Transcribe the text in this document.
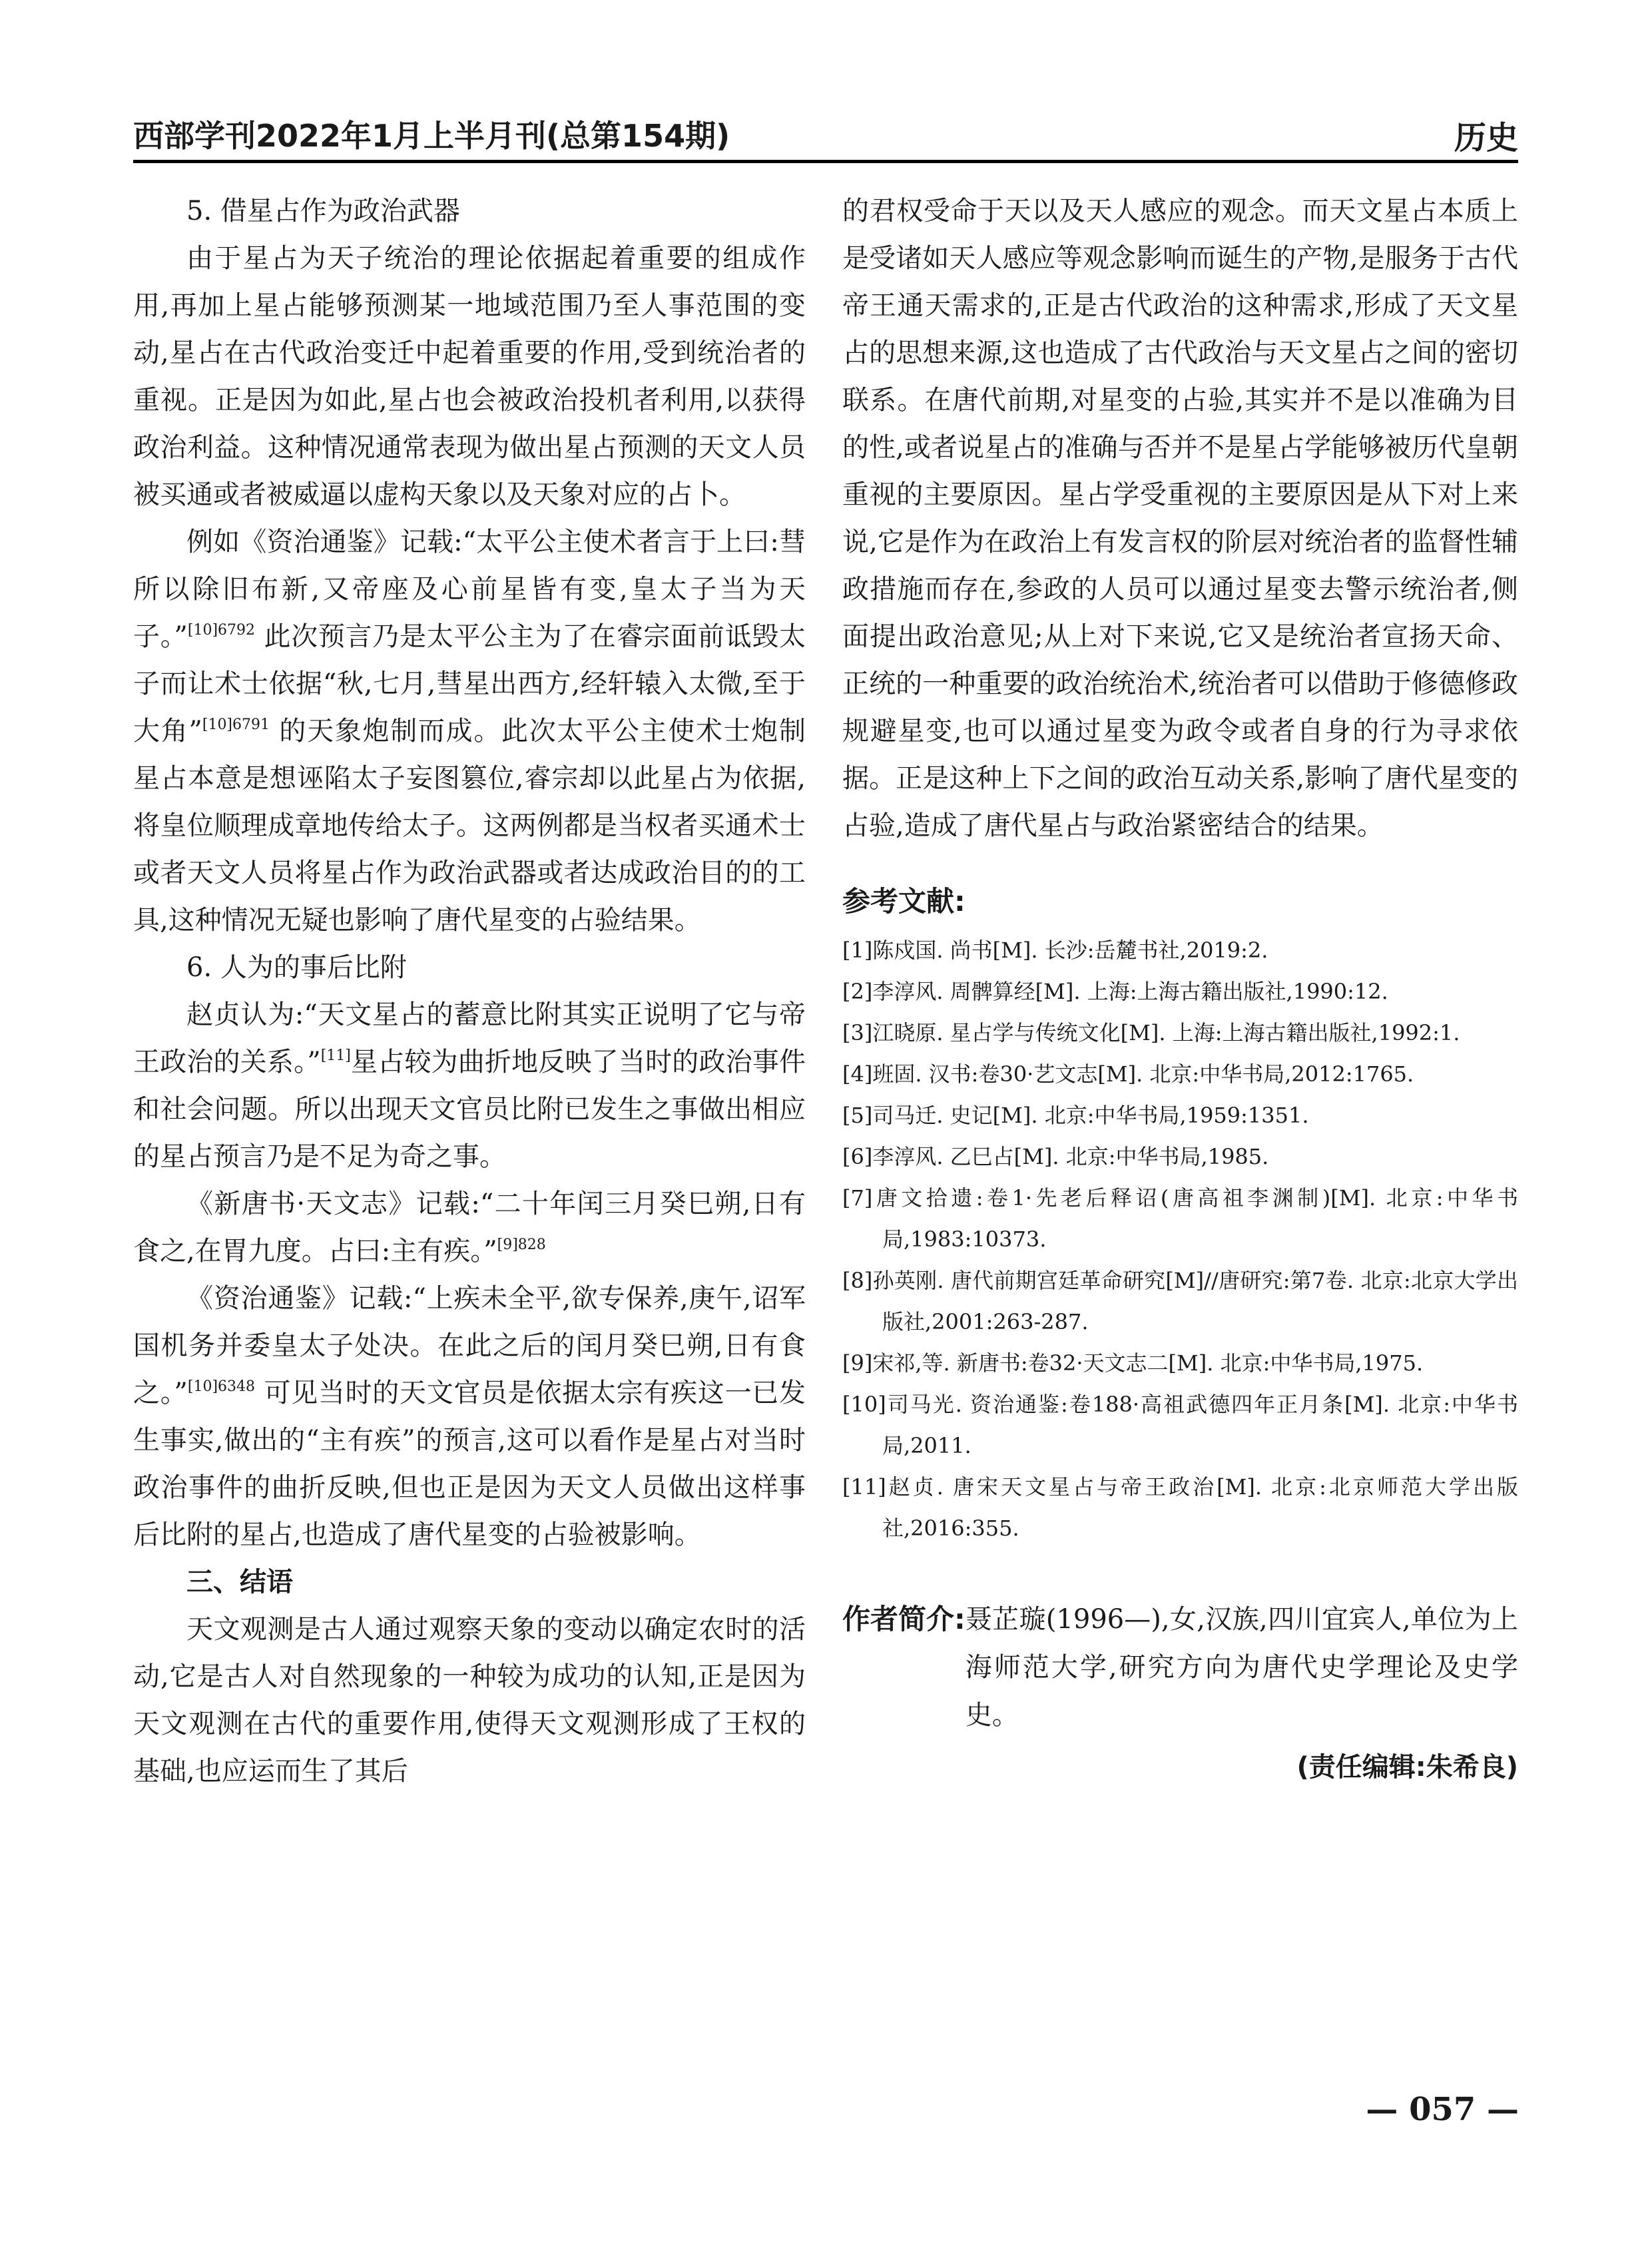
西部学刊2022年1月上半月刊(总第154期)	历史
5. 借星占作为政治武器

由于星占为天子统治的理论依据起着重要的组成作用,再加上星占能够预测某一地域范围乃至人事范围的变动,星占在古代政治变迁中起着重要的作用,受到统治者的重视。正是因为如此,星占也会被政治投机者利用,以获得政治利益。这种情况通常表现为做出星占预测的天文人员被买通或者被威逼以虚构天象以及天象对应的占卜。

例如《资治通鉴》记载:“太平公主使术者言于上曰:彗所以除旧布新,又帝座及心前星皆有变,皇太子当为天子。”$^{[10]6792}$ 此次预言乃是太平公主为了在睿宗面前诋毁太子而让术士依据“秋,七月,彗星出西方,经轩辕入太微,至于大角”$^{[10]6791}$ 的天象炮制而成。此次太平公主使术士炮制星占本意是想诬陷太子妄图篡位,睿宗却以此星占为依据,将皇位顺理成章地传给太子。这两例都是当权者买通术士或者天文人员将星占作为政治武器或者达成政治目的的工具,这种情况无疑也影响了唐代星变的占验结果。

6. 人为的事后比附

赵贞认为:“天文星占的蓄意比附其实正说明了它与帝王政治的关系。”[11]星占较为曲折地反映了当时的政治事件和社会问题。所以出现天文官员比附已发生之事做出相应的星占预言乃是不足为奇之事。

《新唐书·天文志》记载:“二十年闰三月癸巳朔,日有食之,在胃九度。占曰:主有疾。”$^{[9]828}$

《资治通鉴》记载:“上疾未全平,欲专保养,庚午,诏军国机务并委皇太子处决。在此之后的闰月癸巳朔,日有食之。”$^{[10]6348}$ 可见当时的天文官员是依据太宗有疾这一已发生事实,做出的“主有疾”的预言,这可以看作是星占对当时政治事件的曲折反映,但也正是因为天文人员做出这样事后比附的星占,也造成了唐代星变的占验被影响。

三、结语

天文观测是古人通过观察天象的变动以确定农时的活动,它是古人对自然现象的一种较为成功的认知,正是因为天文观测在古代的重要作用,使得天文观测形成了王权的基础,也应运而生了其后

的君权受命于天以及天人感应的观念。而天文星占本质上是受诸如天人感应等观念影响而诞生的产物,是服务于古代帝王通天需求的,正是古代政治的这种需求,形成了天文星占的思想来源,这也造成了古代政治与天文星占之间的密切联系。在唐代前期,对星变的占验,其实并不是以准确为目的性,或者说星占的准确与否并不是星占学能够被历代皇朝重视的主要原因。星占学受重视的主要原因是从下对上来说,它是作为在政治上有发言权的阶层对统治者的监督性辅政措施而存在,参政的人员可以通过星变去警示统治者,侧面提出政治意见;从上对下来说,它又是统治者宣扬天命、正统的一种重要的政治统治术,统治者可以借助于修德修政规避星变,也可以通过星变为政令或者自身的行为寻求依据。正是这种上下之间的政治互动关系,影响了唐代星变的占验,造成了唐代星占与政治紧密结合的结果。

参考文献:
[1]陈戍国. 尚书[M]. 长沙:岳麓书社,2019:2.
[2]李淳风. 周髀算经[M]. 上海:上海古籍出版社,1990:12.
[3]江晓原. 星占学与传统文化[M]. 上海:上海古籍出版社,1992:1.
[4]班固. 汉书:卷30·艺文志[M]. 北京:中华书局,2012:1765.
[5]司马迁. 史记[M]. 北京:中华书局,1959:1351.
[6]李淳风. 乙巳占[M]. 北京:中华书局,1985.
[7]唐文拾遗:卷1·先老后释诏(唐高祖李渊制)[M]. 北京:中华书局,1983:10373.
[8]孙英刚. 唐代前期宫廷革命研究[M]//唐研究:第7卷. 北京:北京大学出版社,2001:263-287.
[9]宋祁,等. 新唐书:卷32·天文志二[M]. 北京:中华书局,1975.
[10]司马光. 资治通鉴:卷188·高祖武德四年正月条[M]. 北京:中华书局,2011.
[11]赵贞. 唐宋天文星占与帝王政治[M]. 北京:北京师范大学出版社,2016:355.
作者简介: 聂芷璇(1996—),女,汉族,四川宜宾人,单位为上海师范大学,研究方向为唐代史学理论及史学史。
(责任编辑:朱希良)
— 057 —
